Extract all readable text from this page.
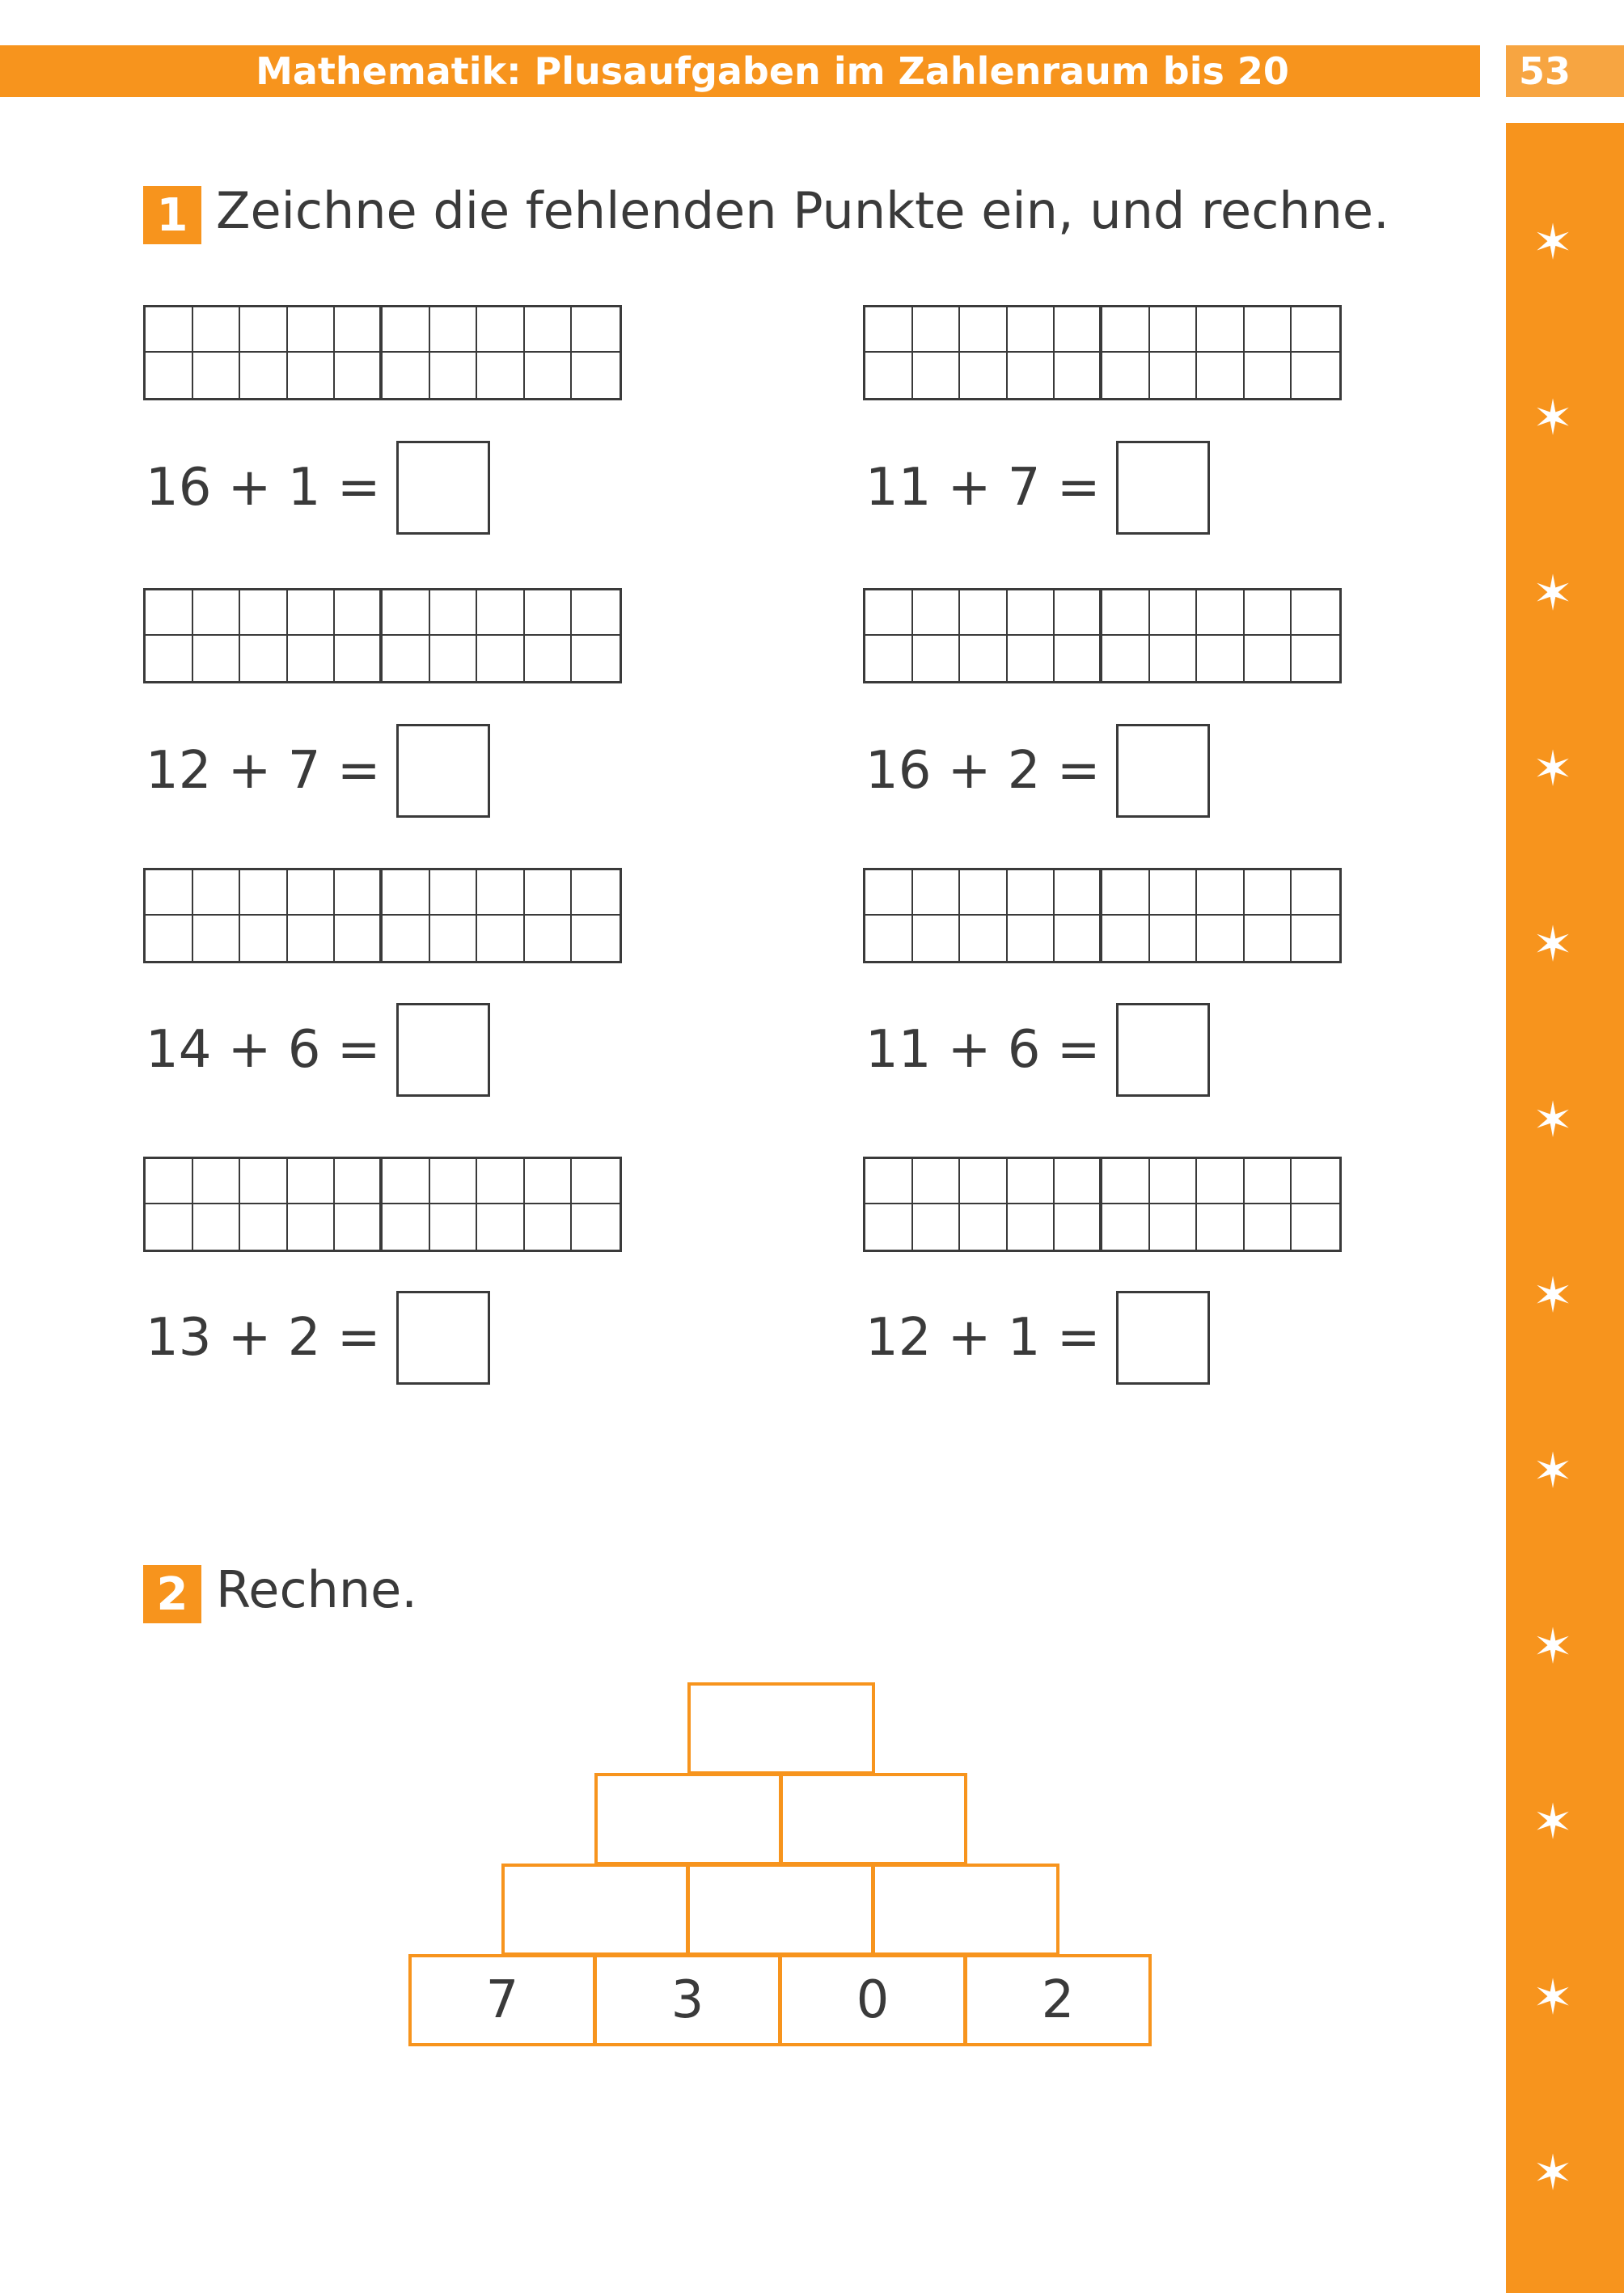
Mathematik: Plusaufgaben im Zahlenraum bis 20	53
✶
✶
✶
✶
✶
✶
✶
✶
✶
✶
✶
✶
1 Zeichne die fehlenden Punkte ein, und rechne.
16 + 1 =	11 + 7 =
12 + 7 =	16 + 2 =
14 + 6 =	11 + 6 =
13 + 2 =	12 + 1 =
2 Rechne.
7	3	0	2
